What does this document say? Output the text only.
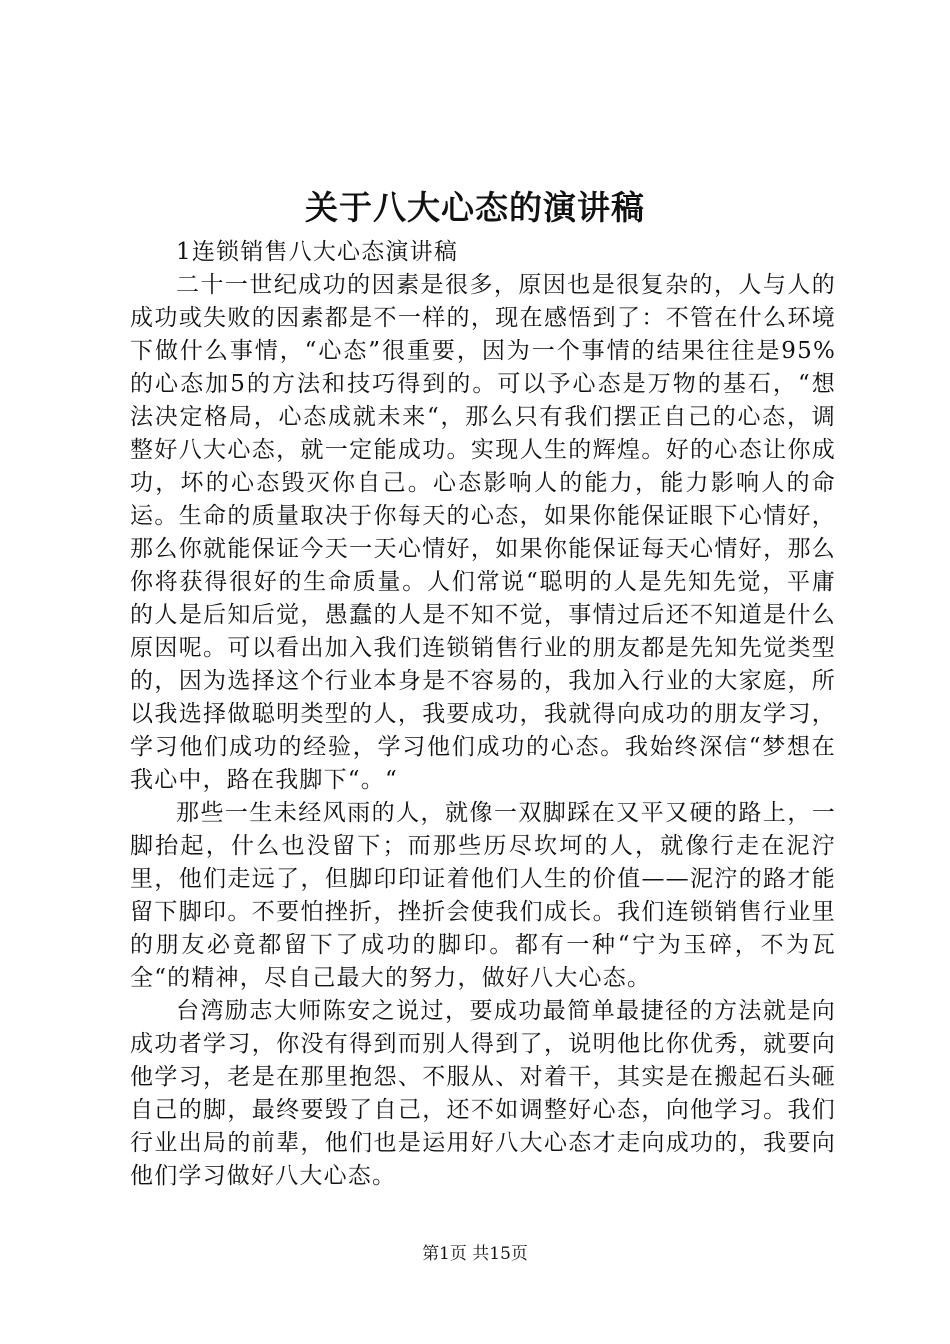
关于八大心态的演讲稿

1连锁销售八大心态演讲稿

二十一世纪成功的因素是很多，原因也是很复杂的，人与人的成功或失败的因素都是不一样的，现在感悟到了：不管在什么环境下做什么事情，“心态”很重要，因为一个事情的结果往往是95%的心态加5的方法和技巧得到的。可以予心态是万物的基石，“想法决定格局，心态成就未来“，那么只有我们摆正自己的心态，调整好八大心态，就一定能成功。实现人生的辉煌。好的心态让你成功，坏的心态毁灭你自己。心态影响人的能力，能力影响人的命运。生命的质量取决于你每天的心态，如果你能保证眼下心情好，那么你就能保证今天一天心情好，如果你能保证每天心情好，那么你将获得很好的生命质量。人们常说“聪明的人是先知先觉，平庸的人是后知后觉，愚蠢的人是不知不觉，事情过后还不知道是什么原因呢。可以看出加入我们连锁销售行业的朋友都是先知先觉类型的，因为选择这个行业本身是不容易的，我加入行业的大家庭，所以我选择做聪明类型的人，我要成功，我就得向成功的朋友学习，学习他们成功的经验，学习他们成功的心态。我始终深信“梦想在我心中，路在我脚下“。“

那些一生未经风雨的人，就像一双脚踩在又平又硬的路上，一脚抬起，什么也没留下；而那些历尽坎坷的人，就像行走在泥泞里，他们走远了，但脚印印证着他们人生的价值——泥泞的路才能留下脚印。不要怕挫折，挫折会使我们成长。我们连锁销售行业里的朋友必竟都留下了成功的脚印。都有一种“宁为玉碎，不为瓦全“的精神，尽自己最大的努力，做好八大心态。

台湾励志大师陈安之说过，要成功最简单最捷径的方法就是向成功者学习，你没有得到而别人得到了，说明他比你优秀，就要向他学习，老是在那里抱怨、不服从、对着干，其实是在搬起石头砸自己的脚，最终要毁了自己，还不如调整好心态，向他学习。我们行业出局的前辈，他们也是运用好八大心态才走向成功的，我要向他们学习做好八大心态。

第1页 共15页
